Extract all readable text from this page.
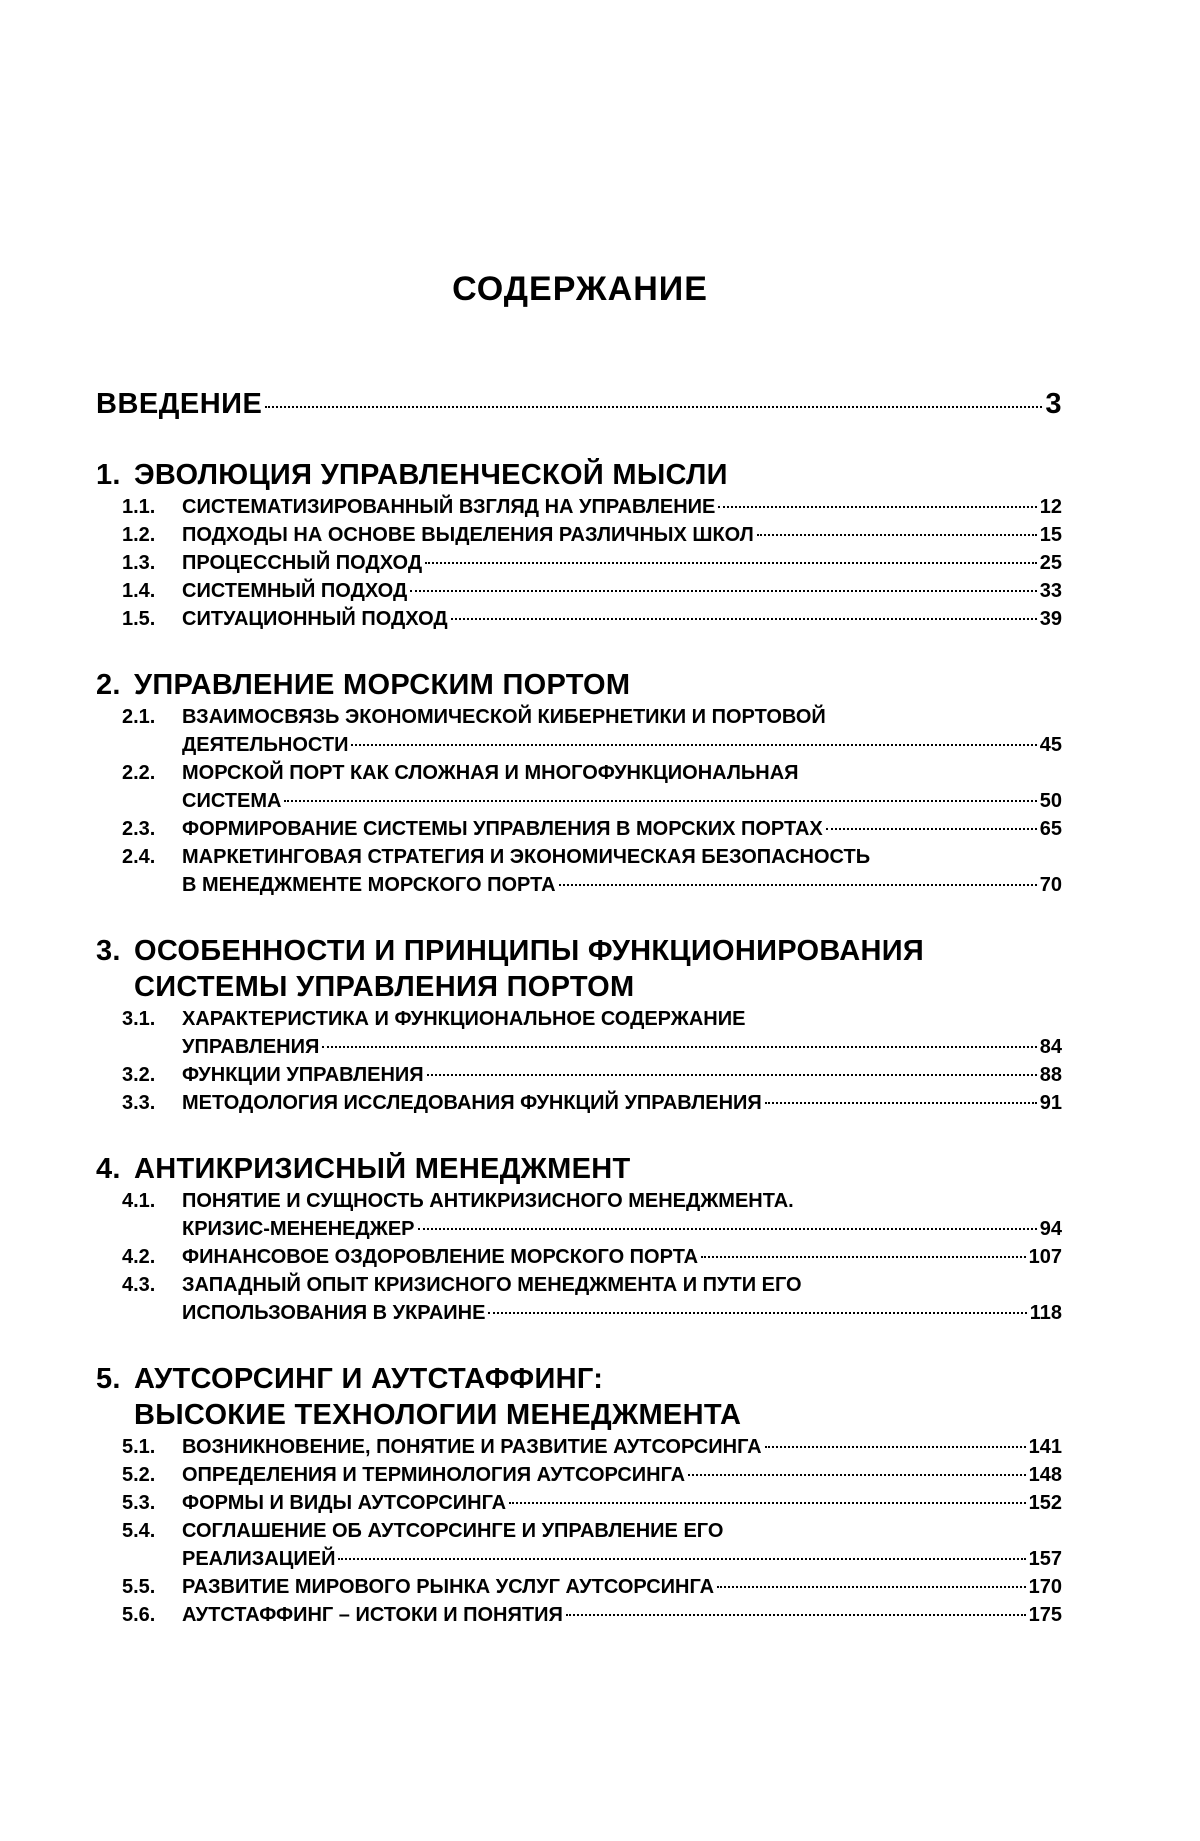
СОДЕРЖАНИЕ
ВВЕДЕНИЕ	3
1. ЭВОЛЮЦИЯ УПРАВЛЕНЧЕСКОЙ МЫСЛИ
1.1.	СИСТЕМАТИЗИРОВАННЫЙ ВЗГЛЯД НА УПРАВЛЕНИЕ	12
1.2.	ПОДХОДЫ НА ОСНОВЕ ВЫДЕЛЕНИЯ РАЗЛИЧНЫХ ШКОЛ	15
1.3.	ПРОЦЕССНЫЙ ПОДХОД	25
1.4.	СИСТЕМНЫЙ ПОДХОД	33
1.5.	СИТУАЦИОННЫЙ ПОДХОД	39
2. УПРАВЛЕНИЕ МОРСКИМ ПОРТОМ
2.1.	ВЗАИМОСВЯЗЬ ЭКОНОМИЧЕСКОЙ КИБЕРНЕТИКИ И ПОРТОВОЙ
ДЕЯТЕЛЬНОСТИ	45
2.2.	МОРСКОЙ ПОРТ КАК СЛОЖНАЯ И МНОГОФУНКЦИОНАЛЬНАЯ
СИСТЕМА	50
2.3.	ФОРМИРОВАНИЕ СИСТЕМЫ УПРАВЛЕНИЯ В МОРСКИХ ПОРТАХ	65
2.4.	МАРКЕТИНГОВАЯ СТРАТЕГИЯ И ЭКОНОМИЧЕСКАЯ БЕЗОПАСНОСТЬ
В МЕНЕДЖМЕНТЕ МОРСКОГО ПОРТА	70
3. ОСОБЕННОСТИ И ПРИНЦИПЫ ФУНКЦИОНИРОВАНИЯ
СИСТЕМЫ УПРАВЛЕНИЯ ПОРТОМ
3.1.	ХАРАКТЕРИСТИКА И ФУНКЦИОНАЛЬНОЕ СОДЕРЖАНИЕ
УПРАВЛЕНИЯ	84
3.2.	ФУНКЦИИ УПРАВЛЕНИЯ	88
3.3.	МЕТОДОЛОГИЯ ИССЛЕДОВАНИЯ ФУНКЦИЙ УПРАВЛЕНИЯ	91
4. АНТИКРИЗИСНЫЙ МЕНЕДЖМЕНТ
4.1.	ПОНЯТИЕ И СУЩНОСТЬ АНТИКРИЗИСНОГО МЕНЕДЖМЕНТА.
КРИЗИС-МЕНЕНЕДЖЕР	94
4.2.	ФИНАНСОВОЕ ОЗДОРОВЛЕНИЕ МОРСКОГО ПОРТА	107
4.3.	ЗАПАДНЫЙ ОПЫТ КРИЗИСНОГО МЕНЕДЖМЕНТА И ПУТИ ЕГО
ИСПОЛЬЗОВАНИЯ В УКРАИНЕ	118
5. АУТСОРСИНГ И АУТСТАФФИНГ:
ВЫСОКИЕ ТЕХНОЛОГИИ МЕНЕДЖМЕНТА
5.1.	ВОЗНИКНОВЕНИЕ, ПОНЯТИЕ И РАЗВИТИЕ АУТСОРСИНГА	141
5.2.	ОПРЕДЕЛЕНИЯ И ТЕРМИНОЛОГИЯ АУТСОРСИНГА	148
5.3.	ФОРМЫ И ВИДЫ АУТСОРСИНГА	152
5.4.	СОГЛАШЕНИЕ ОБ АУТСОРСИНГЕ И УПРАВЛЕНИЕ ЕГО
РЕАЛИЗАЦИЕЙ	157
5.5.	РАЗВИТИЕ МИРОВОГО РЫНКА УСЛУГ АУТСОРСИНГА	170
5.6.	АУТСТАФФИНГ – ИСТОКИ И ПОНЯТИЯ	175
